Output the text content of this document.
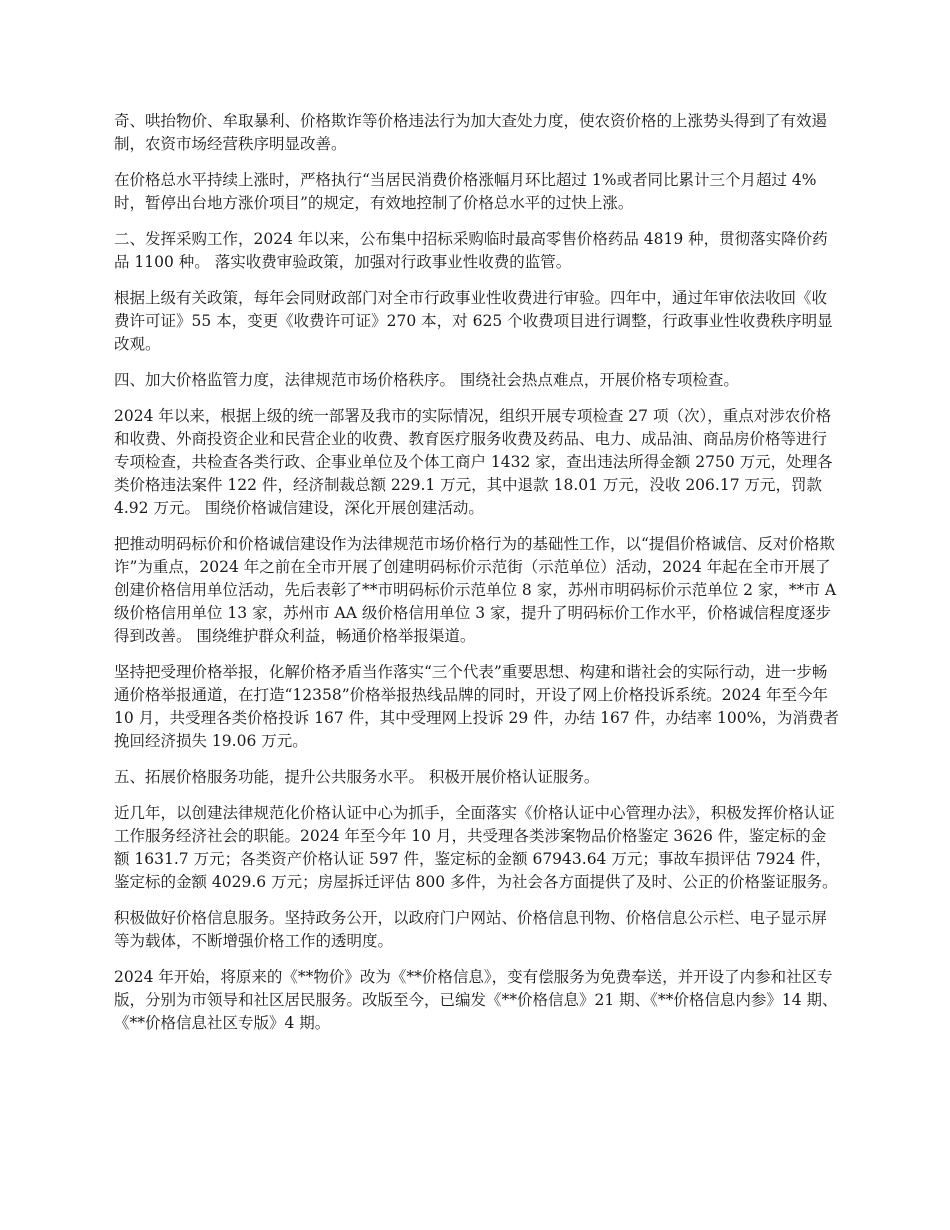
奇、哄抬物价、牟取暴利、价格欺诈等价格违法行为加大查处力度，使农资价格的上涨势头得到了有效遏制，农资市场经营秩序明显改善。

在价格总水平持续上涨时，严格执行“当居民消费价格涨幅月环比超过 1%或者同比累计三个月超过 4%时，暂停出台地方涨价项目”的规定，有效地控制了价格总水平的过快上涨。

二、发挥采购工作，2024 年以来，公布集中招标采购临时最高零售价格药品 4819 种，贯彻落实降价药品 1100 种。 落实收费审验政策，加强对行政事业性收费的监管。

根据上级有关政策，每年会同财政部门对全市行政事业性收费进行审验。四年中，通过年审依法收回《收费许可证》55 本，变更《收费许可证》270 本，对 625 个收费项目进行调整，行政事业性收费秩序明显改观。

四、加大价格监管力度，法律规范市场价格秩序。 围绕社会热点难点，开展价格专项检查。

2024 年以来，根据上级的统一部署及我市的实际情况，组织开展专项检查 27 项（次），重点对涉农价格和收费、外商投资企业和民营企业的收费、教育医疗服务收费及药品、电力、成品油、商品房价格等进行专项检查，共检查各类行政、企事业单位及个体工商户 1432 家，查出违法所得金额 2750 万元，处理各类价格违法案件 122 件，经济制裁总额 229.1 万元，其中退款 18.01 万元，没收 206.17 万元，罚款 4.92 万元。 围绕价格诚信建设，深化开展创建活动。

把推动明码标价和价格诚信建设作为法律规范市场价格行为的基础性工作，以“提倡价格诚信、反对价格欺诈”为重点，2024 年之前在全市开展了创建明码标价示范街（示范单位）活动，2024 年起在全市开展了创建价格信用单位活动，先后表彰了**市明码标价示范单位 8 家，苏州市明码标价示范单位 2 家，**市 A 级价格信用单位 13 家，苏州市 AA 级价格信用单位 3 家，提升了明码标价工作水平，价格诚信程度逐步得到改善。 围绕维护群众利益，畅通价格举报渠道。

坚持把受理价格举报，化解价格矛盾当作落实“三个代表”重要思想、构建和谐社会的实际行动，进一步畅通价格举报通道，在打造“12358”价格举报热线品牌的同时，开设了网上价格投诉系统。2024 年至今年 10 月，共受理各类价格投诉 167 件，其中受理网上投诉 29 件，办结 167 件，办结率 100%，为消费者挽回经济损失 19.06 万元。

五、拓展价格服务功能，提升公共服务水平。 积极开展价格认证服务。

近几年，以创建法律规范化价格认证中心为抓手，全面落实《价格认证中心管理办法》，积极发挥价格认证工作服务经济社会的职能。2024 年至今年 10 月，共受理各类涉案物品价格鉴定 3626 件，鉴定标的金额 1631.7 万元；各类资产价格认证 597 件，鉴定标的金额 67943.64 万元；事故车损评估 7924 件，鉴定标的金额 4029.6 万元；房屋拆迁评估 800 多件，为社会各方面提供了及时、公正的价格鉴证服务。

积极做好价格信息服务。坚持政务公开，以政府门户网站、价格信息刊物、价格信息公示栏、电子显示屏等为载体，不断增强价格工作的透明度。

2024 年开始，将原来的《**物价》改为《**价格信息》，变有偿服务为免费奉送，并开设了内参和社区专版，分别为市领导和社区居民服务。改版至今，已编发《**价格信息》21 期、《**价格信息内参》14 期、《**价格信息社区专版》4 期。
